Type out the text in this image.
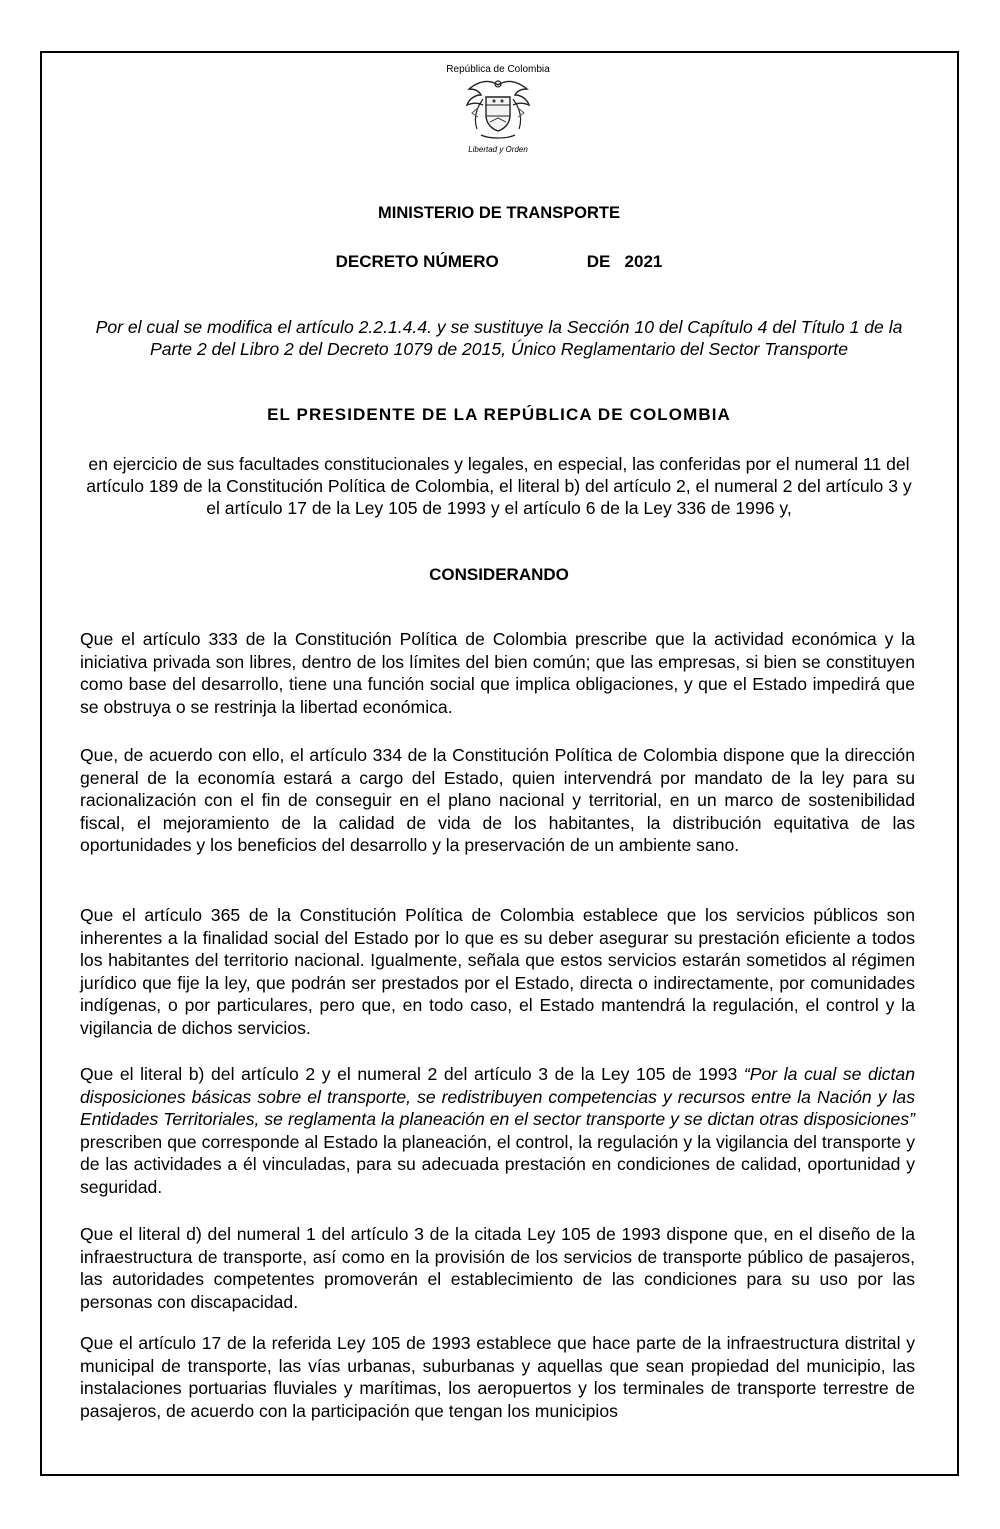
República de Colombia
Libertad y Orden
MINISTERIO DE TRANSPORTE
DECRETO NÚMERO	DE 2021
Por el cual se modifica el artículo 2.2.1.4.4. y se sustituye la Sección 10 del Capítulo 4 del Título 1 de la Parte 2 del Libro 2 del Decreto 1079 de 2015, Único Reglamentario del Sector Transporte
EL PRESIDENTE DE LA REPÚBLICA DE COLOMBIA
en ejercicio de sus facultades constitucionales y legales, en especial, las conferidas por el numeral 11 del artículo 189 de la Constitución Política de Colombia, el literal b) del artículo 2, el numeral 2 del artículo 3 y el artículo 17 de la Ley 105 de 1993 y el artículo 6 de la Ley 336 de 1996 y,
CONSIDERANDO
Que el artículo 333 de la Constitución Política de Colombia prescribe que la actividad económica y la iniciativa privada son libres, dentro de los límites del bien común; que las empresas, si bien se constituyen como base del desarrollo, tiene una función social que implica obligaciones, y que el Estado impedirá que se obstruya o se restrinja la libertad económica.
Que, de acuerdo con ello, el artículo 334 de la Constitución Política de Colombia dispone que la dirección general de la economía estará a cargo del Estado, quien intervendrá por mandato de la ley para su racionalización con el fin de conseguir en el plano nacional y territorial, en un marco de sostenibilidad fiscal, el mejoramiento de la calidad de vida de los habitantes, la distribución equitativa de las oportunidades y los beneficios del desarrollo y la preservación de un ambiente sano.
Que el artículo 365 de la Constitución Política de Colombia establece que los servicios públicos son inherentes a la finalidad social del Estado por lo que es su deber asegurar su prestación eficiente a todos los habitantes del territorio nacional. Igualmente, señala que estos servicios estarán sometidos al régimen jurídico que fije la ley, que podrán ser prestados por el Estado, directa o indirectamente, por comunidades indígenas, o por particulares, pero que, en todo caso, el Estado mantendrá la regulación, el control y la vigilancia de dichos servicios.
Que el literal b) del artículo 2 y el numeral 2 del artículo 3 de la Ley 105 de 1993 “Por la cual se dictan disposiciones básicas sobre el transporte, se redistribuyen competencias y recursos entre la Nación y las Entidades Territoriales, se reglamenta la planeación en el sector transporte y se dictan otras disposiciones” prescriben que corresponde al Estado la planeación, el control, la regulación y la vigilancia del transporte y de las actividades a él vinculadas, para su adecuada prestación en condiciones de calidad, oportunidad y seguridad.
Que el literal d) del numeral 1 del artículo 3 de la citada Ley 105 de 1993 dispone que, en el diseño de la infraestructura de transporte, así como en la provisión de los servicios de transporte público de pasajeros, las autoridades competentes promoverán el establecimiento de las condiciones para su uso por las personas con discapacidad.
Que el artículo 17 de la referida Ley 105 de 1993 establece que hace parte de la infraestructura distrital y municipal de transporte, las vías urbanas, suburbanas y aquellas que sean propiedad del municipio, las instalaciones portuarias fluviales y marítimas, los aeropuertos y los terminales de transporte terrestre de pasajeros, de acuerdo con la participación que tengan los municipios
